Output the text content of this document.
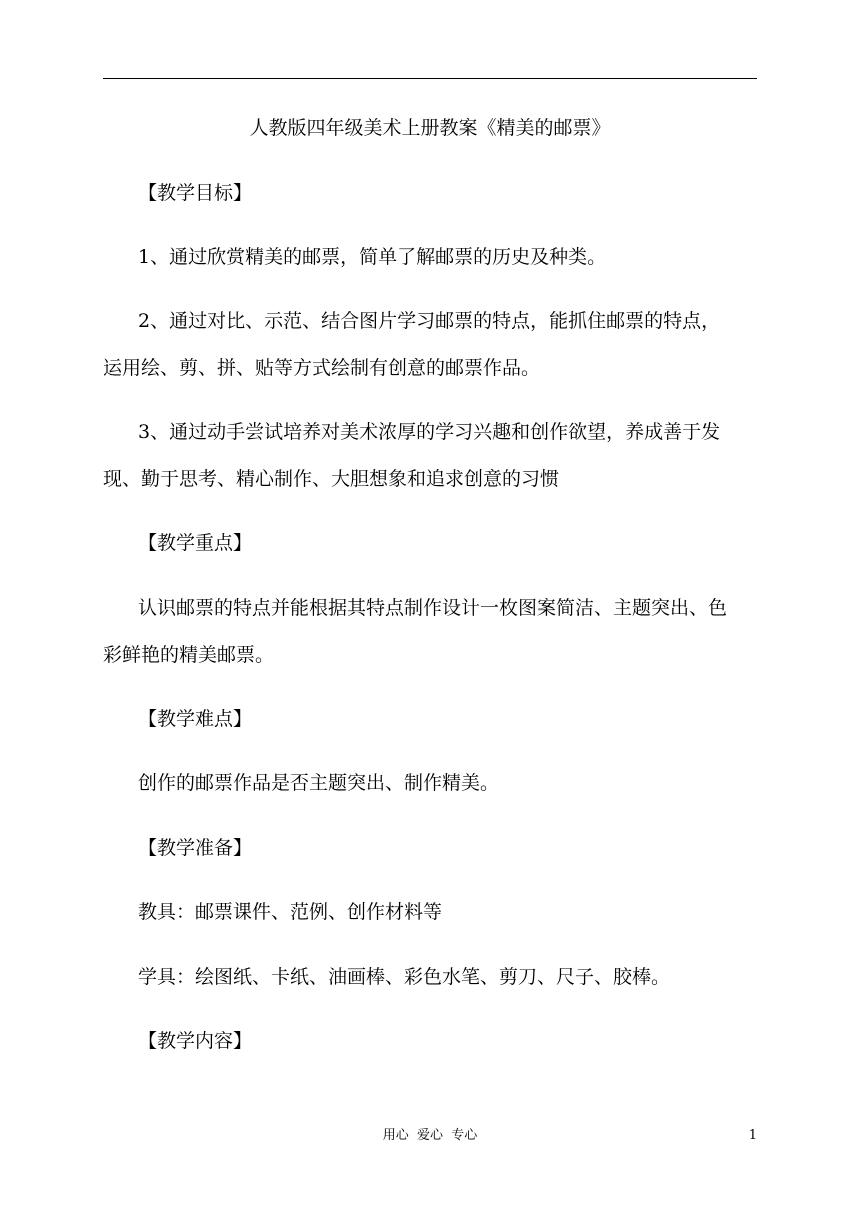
人教版四年级美术上册教案《精美的邮票》
【教学目标】
1、通过欣赏精美的邮票，简单了解邮票的历史及种类。
2、通过对比、示范、结合图片学习邮票的特点，能抓住邮票的特点，
运用绘、剪、拼、贴等方式绘制有创意的邮票作品。
3、通过动手尝试培养对美术浓厚的学习兴趣和创作欲望，养成善于发
现、勤于思考、精心制作、大胆想象和追求创意的习惯
【教学重点】
认识邮票的特点并能根据其特点制作设计一枚图案简洁、主题突出、色
彩鲜艳的精美邮票。
【教学难点】
创作的邮票作品是否主题突出、制作精美。
【教学准备】
教具：邮票课件、范例、创作材料等
学具：绘图纸、卡纸、油画棒、彩色水笔、剪刀、尺子、胶棒。
【教学内容】
用心  爱心  专心	1
